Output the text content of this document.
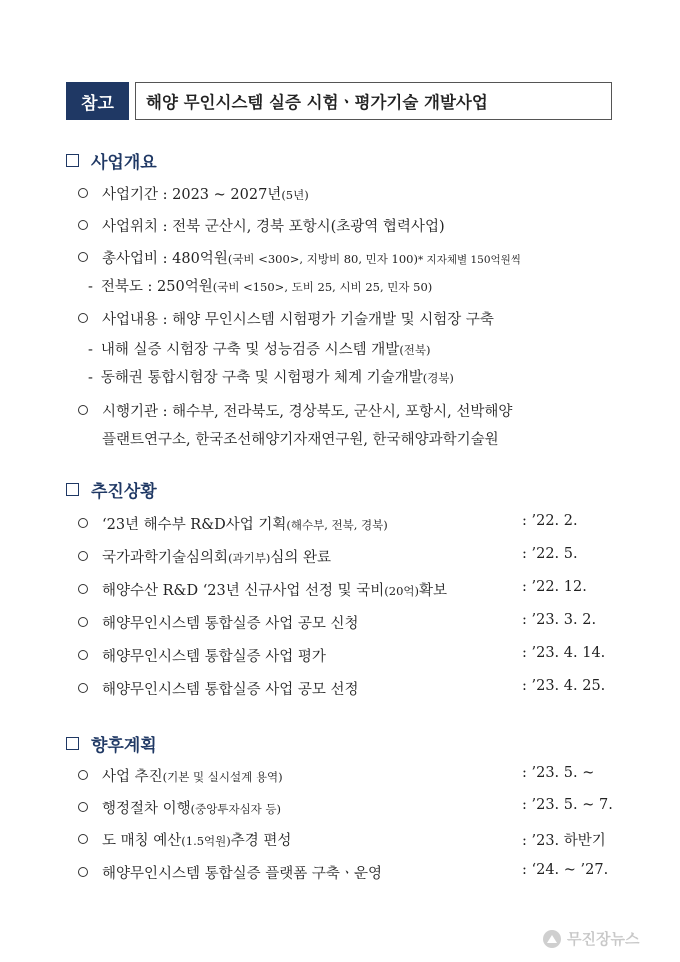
참고	해양 무인시스템 실증 시험ㆍ평가기술 개발사업
사업개요
사업기간 : 2023 ~ 2027년 (5년)
사업위치 : 전북 군산시, 경북 포항시(초광역 협력사업)
총사업비 : 480억원 (국비 <300>, 지방비 80, 민자 100) * 지자체별 150억원씩
- 전북도 : 250억원 (국비 <150>, 도비 25, 시비 25, 민자 50)
사업내용 : 해양 무인시스템 시험평가 기술개발 및 시험장 구축
- 내해 실증 시험장 구축 및 성능검증 시스템 개발 (전북)
- 동해권 통합시험장 구축 및 시험평가 체계 기술개발 (경북)
시행기관 : 해수부, 전라북도, 경상북도, 군산시, 포항시, 선박해양
플랜트연구소, 한국조선해양기자재연구원, 한국해양과학기술원
추진상황
‘23년 해수부 R&D사업 기획 (해수부, 전북, 경북)	: ’22. 2.
국가과학기술심의회 (과기부) 심의 완료	: ’22. 5.
해양수산 R&D ‘23년 신규사업 선정 및 국비 (20억) 확보	: ’22. 12.
해양무인시스템 통합실증 사업 공모 신청	: ’23. 3. 2.
해양무인시스템 통합실증 사업 평가	: ’23. 4. 14.
해양무인시스템 통합실증 사업 공모 선정	: ’23. 4. 25.
향후계획
사업 추진 (기본 및 실시설계 용역)	: ’23. 5. ~
행정절차 이행 (중앙투자심자 등)	: ’23. 5. ~ 7.
도 매칭 예산 (1.5억원) 추경 편성	: ’23. 하반기
해양무인시스템 통합실증 플랫폼 구축ㆍ운영	: ‘24. ~ ’27.
무진장뉴스
